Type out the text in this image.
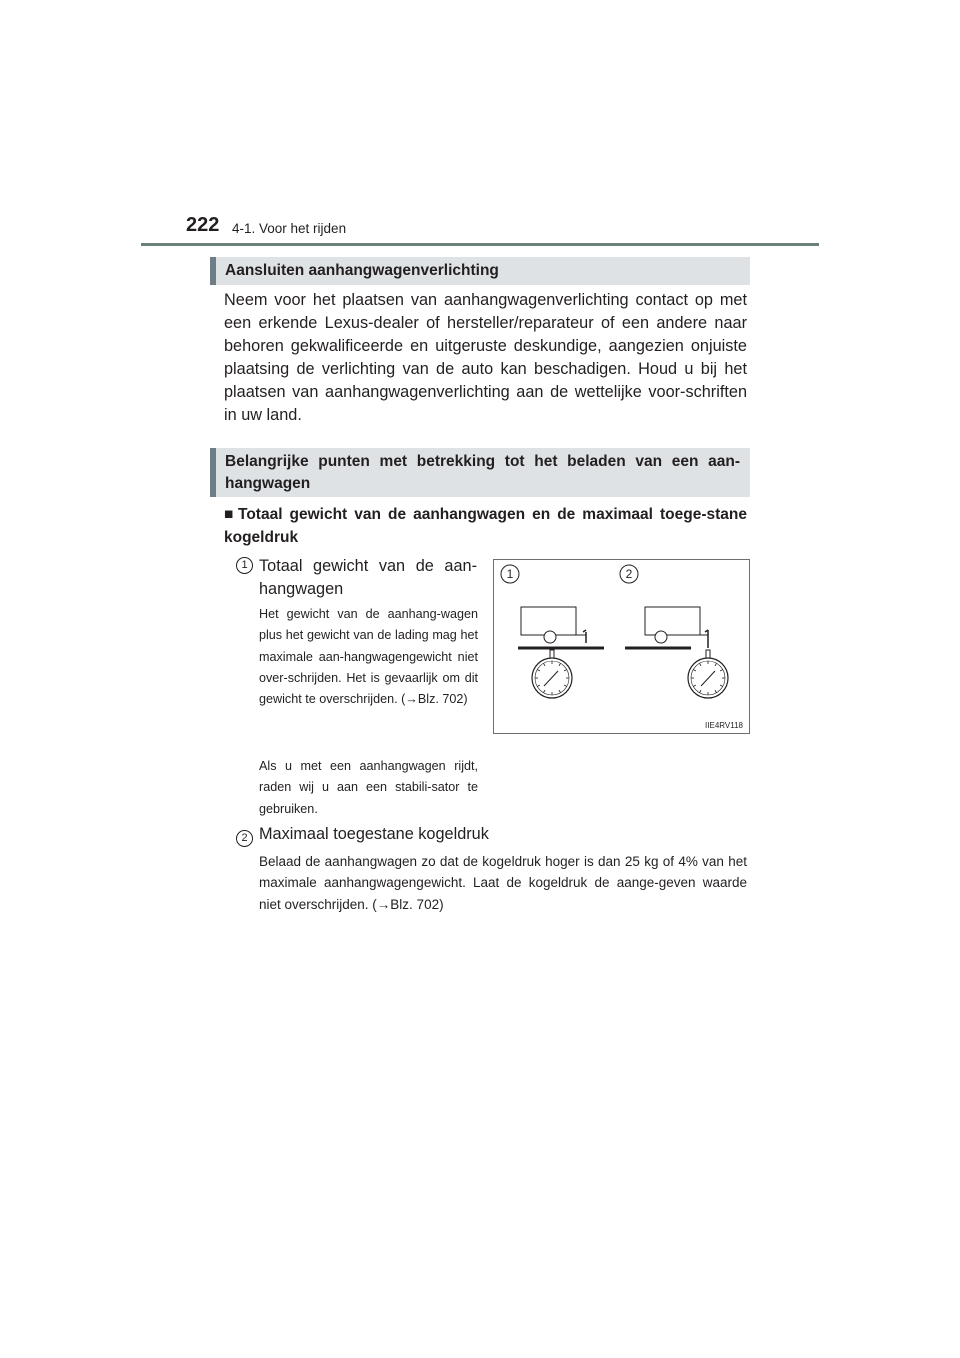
222 4-1. Voor het rijden
Aansluiten aanhangwagenverlichting
Neem voor het plaatsen van aanhangwagenverlichting contact op met een erkende Lexus-dealer of hersteller/reparateur of een andere naar behoren gekwalificeerde en uitgeruste deskundige, aangezien onjuiste plaatsing de verlichting van de auto kan beschadigen. Houd u bij het plaatsen van aanhangwagenverlichting aan de wettelijke voor-schriften in uw land.
Belangrijke punten met betrekking tot het beladen van een aan-hangwagen
■ Totaal gewicht van de aanhangwagen en de maximaal toege-stane kogeldruk
1 Totaal gewicht van de aan-hangwagen
Het gewicht van de aanhang-wagen plus het gewicht van de lading mag het maximale aan-hangwagengewicht niet over-schrijden. Het is gevaarlijk om dit gewicht te overschrijden. (→Blz. 702)
Als u met een aanhangwagen rijdt, raden wij u aan een stabili-sator te gebruiken.
2 Maximaal toegestane kogeldruk
Belaad de aanhangwagen zo dat de kogeldruk hoger is dan 25 kg of 4% van het maximale aanhangwagengewicht. Laat de kogeldruk de aange-geven waarde niet overschrijden. (→Blz. 702)
1	2
IIE4RV118
